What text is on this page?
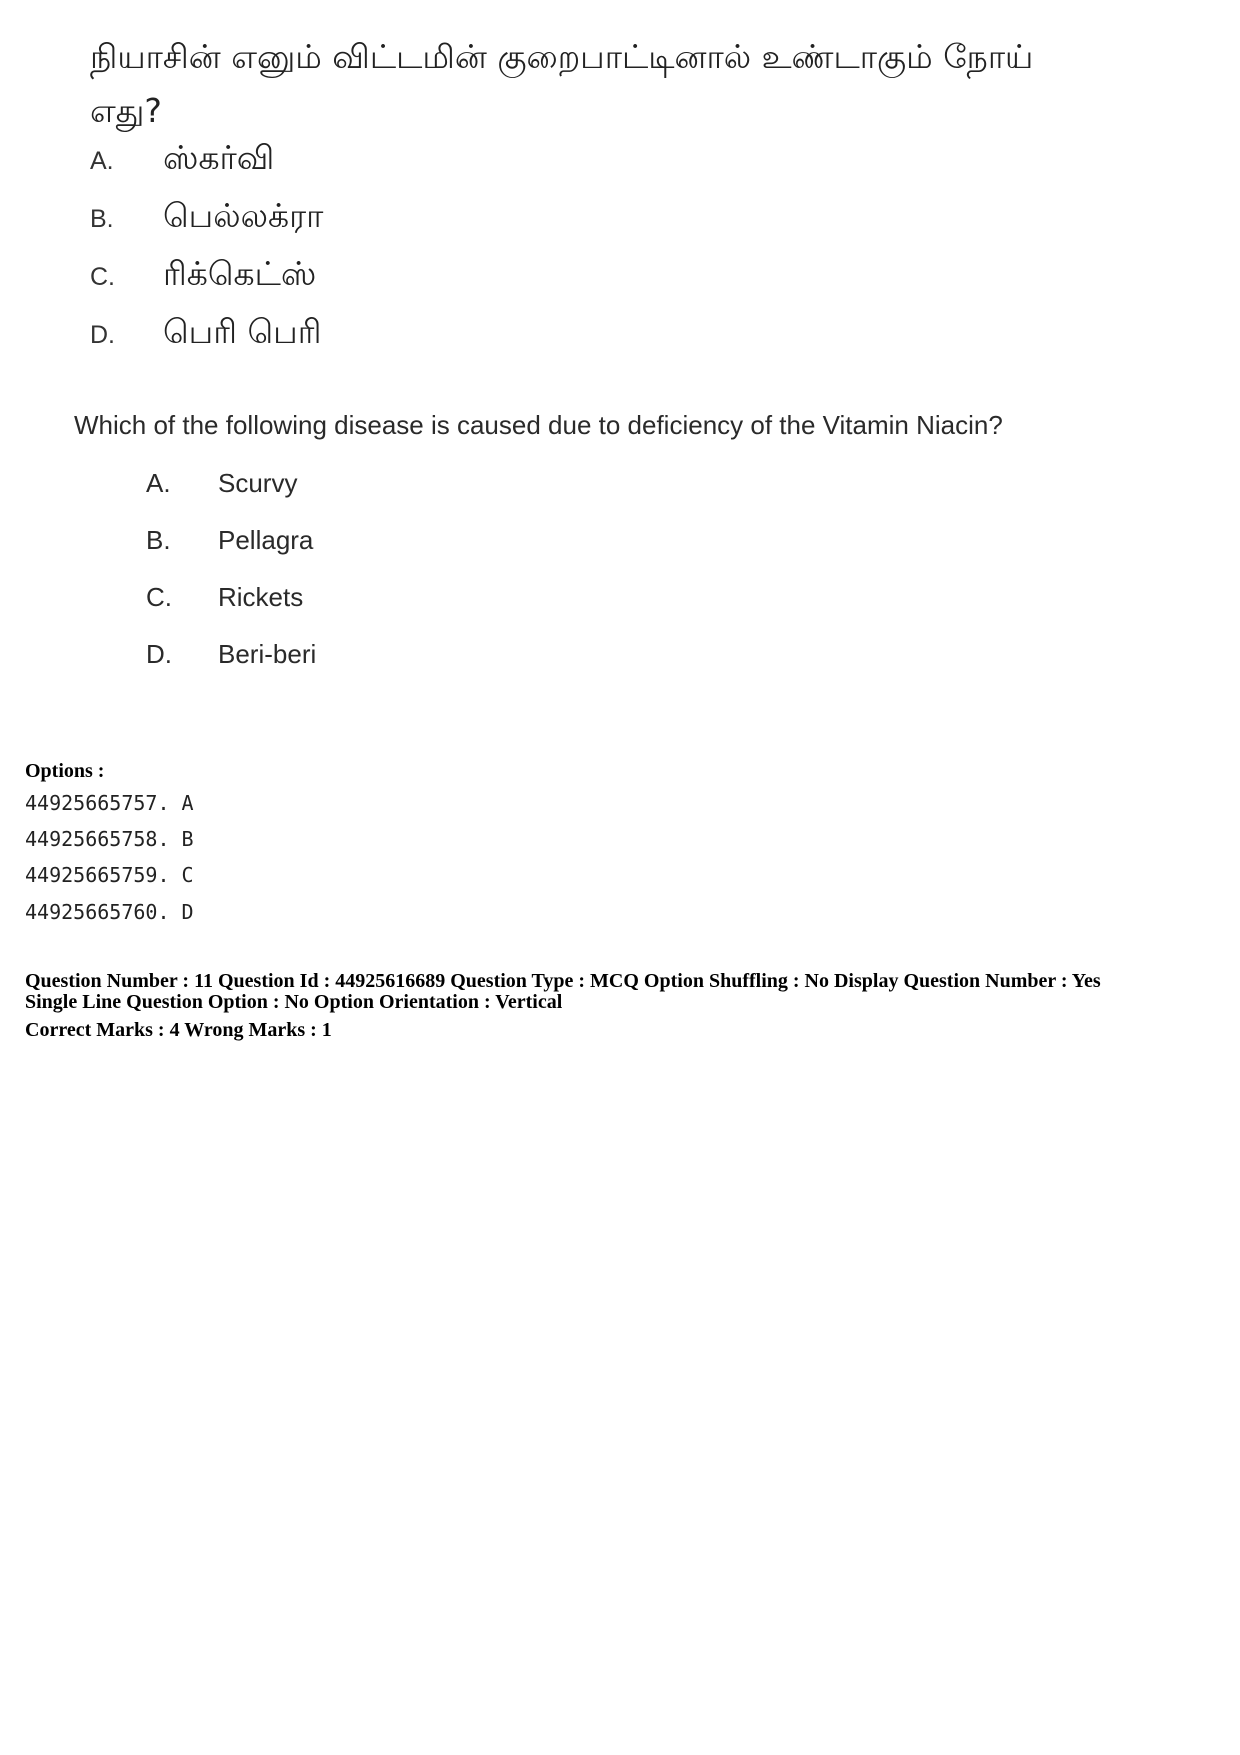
நியாசின் எனும் விட்டமின் குறைபாட்டினால் உண்டாகும் நோய்
எது?
A.	ஸ்கர்வி
B.	பெல்லக்ரா
C.	ரிக்கெட்ஸ்
D.	பெரி பெரி
Which of the following disease is caused due to deficiency of the Vitamin Niacin?
A.	Scurvy
B.	Pellagra
C.	Rickets
D.	Beri-beri
Options :
44925665757. A
44925665758. B
44925665759. C
44925665760. D
Question Number : 11 Question Id : 44925616689 Question Type : MCQ Option Shuffling : No Display Question Number : Yes
Single Line Question Option : No Option Orientation : Vertical
Correct Marks : 4 Wrong Marks : 1
